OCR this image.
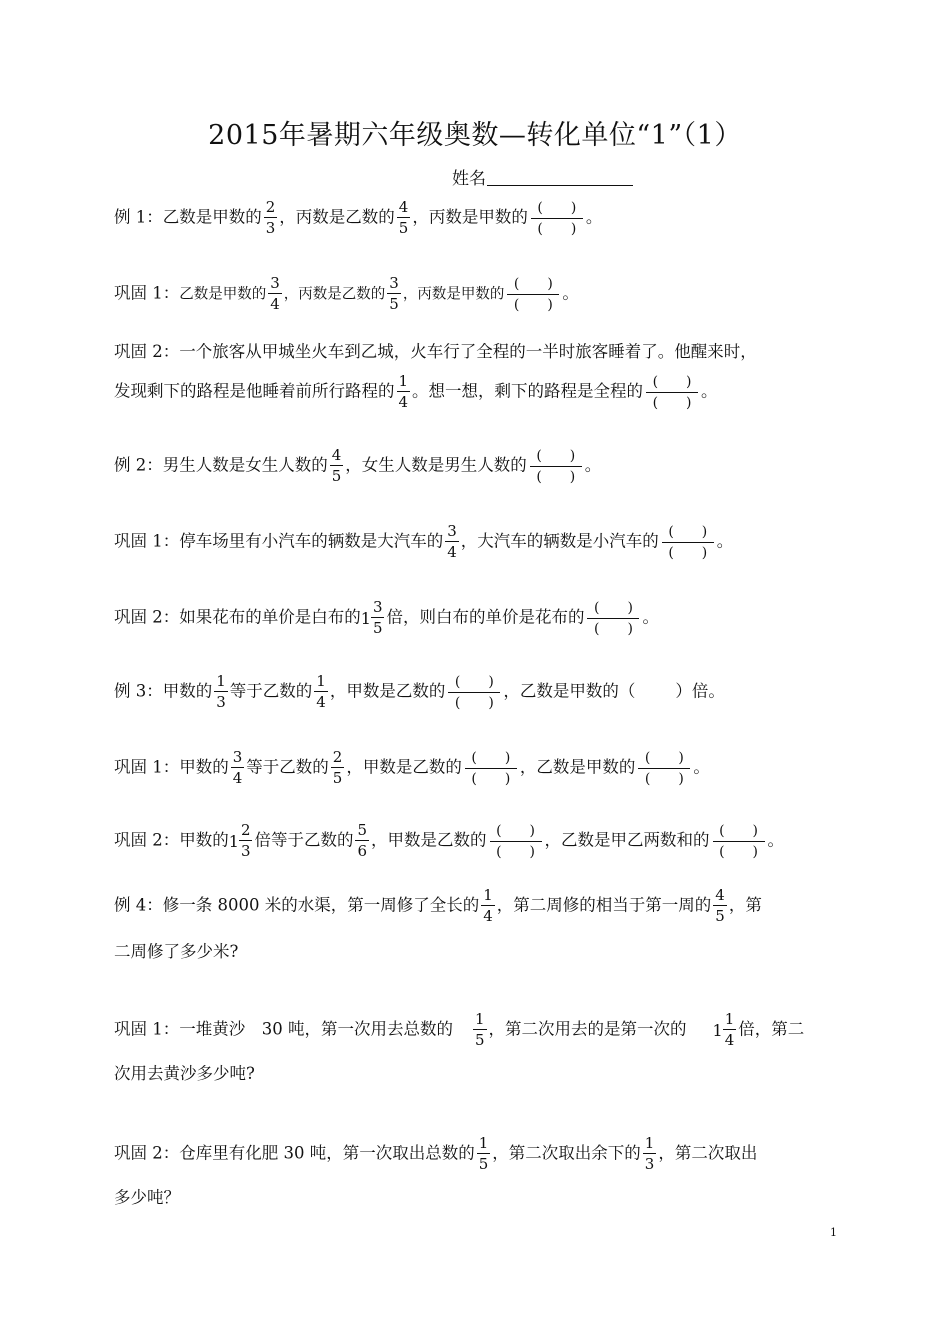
2015年暑期六年级奥数—转化单位“1”（1）
姓名
例 1：乙数是甲数的 $\frac{2}{3}$ ，丙数是乙数的 $\frac{4}{5}$ ，丙数是甲数的 $\frac{( )}{( )}$ 。
巩固 1：乙数是甲数的 $\frac{3}{4}$ ，丙数是乙数的 $\frac{3}{5}$ ，丙数是甲数的 $\frac{( )}{( )}$ 。
巩固 2：一个旅客从甲城坐火车到乙城，火车行了全程的一半时旅客睡着了。他醒来时，
发现剩下的路程是他睡着前所行路程的 $\frac{1}{4}$ 。想一想，剩下的路程是全程的 $\frac{( )}{( )}$ 。
例 2：男生人数是女生人数的 $\frac{4}{5}$ ，女生人数是男生人数的 $\frac{( )}{( )}$ 。
巩固 1：停车场里有小汽车的辆数是大汽车的 $\frac{3}{4}$ ，大汽车的辆数是小汽车的 $\frac{( )}{( )}$ 。
巩固 2：如果花布的单价是白布的 $1 \frac{3}{5}$ 倍，则白布的单价是花布的 $\frac{( )}{( )}$ 。
例 3：甲数的 $\frac{1}{3}$ 等于乙数的 $\frac{1}{4}$ ，甲数是乙数的 $\frac{( )}{( )}$ ，乙数是甲数的（ ）倍。
巩固 1：甲数的 $\frac{3}{4}$ 等于乙数的 $\frac{2}{5}$ ，甲数是乙数的 $\frac{( )}{( )}$ ，乙数是甲数的 $\frac{( )}{( )}$ 。
巩固 2：甲数的 $1 \frac{2}{3}$ 倍等于乙数的 $\frac{5}{6}$ ，甲数是乙数的 $\frac{( )}{( )}$ ，乙数是甲乙两数和的 $\frac{( )}{( )}$ 。
例 4：修一条 8000 米的水渠，第一周修了全长的 $\frac{1}{4}$ ，第二周修的相当于第一周的 $\frac{4}{5}$ ，第
二周修了多少米?
巩固 1：一堆黄沙　30 吨，第一次用去总数的 $\frac{1}{5}$ ，第二次用去的是第一次的 $1 \frac{1}{4}$ 倍，第二
次用去黄沙多少吨?
巩固 2：仓库里有化肥 30 吨，第一次取出总数的 $\frac{1}{5}$ ，第二次取出余下的 $\frac{1}{3}$ ，第二次取出
多少吨？
1
